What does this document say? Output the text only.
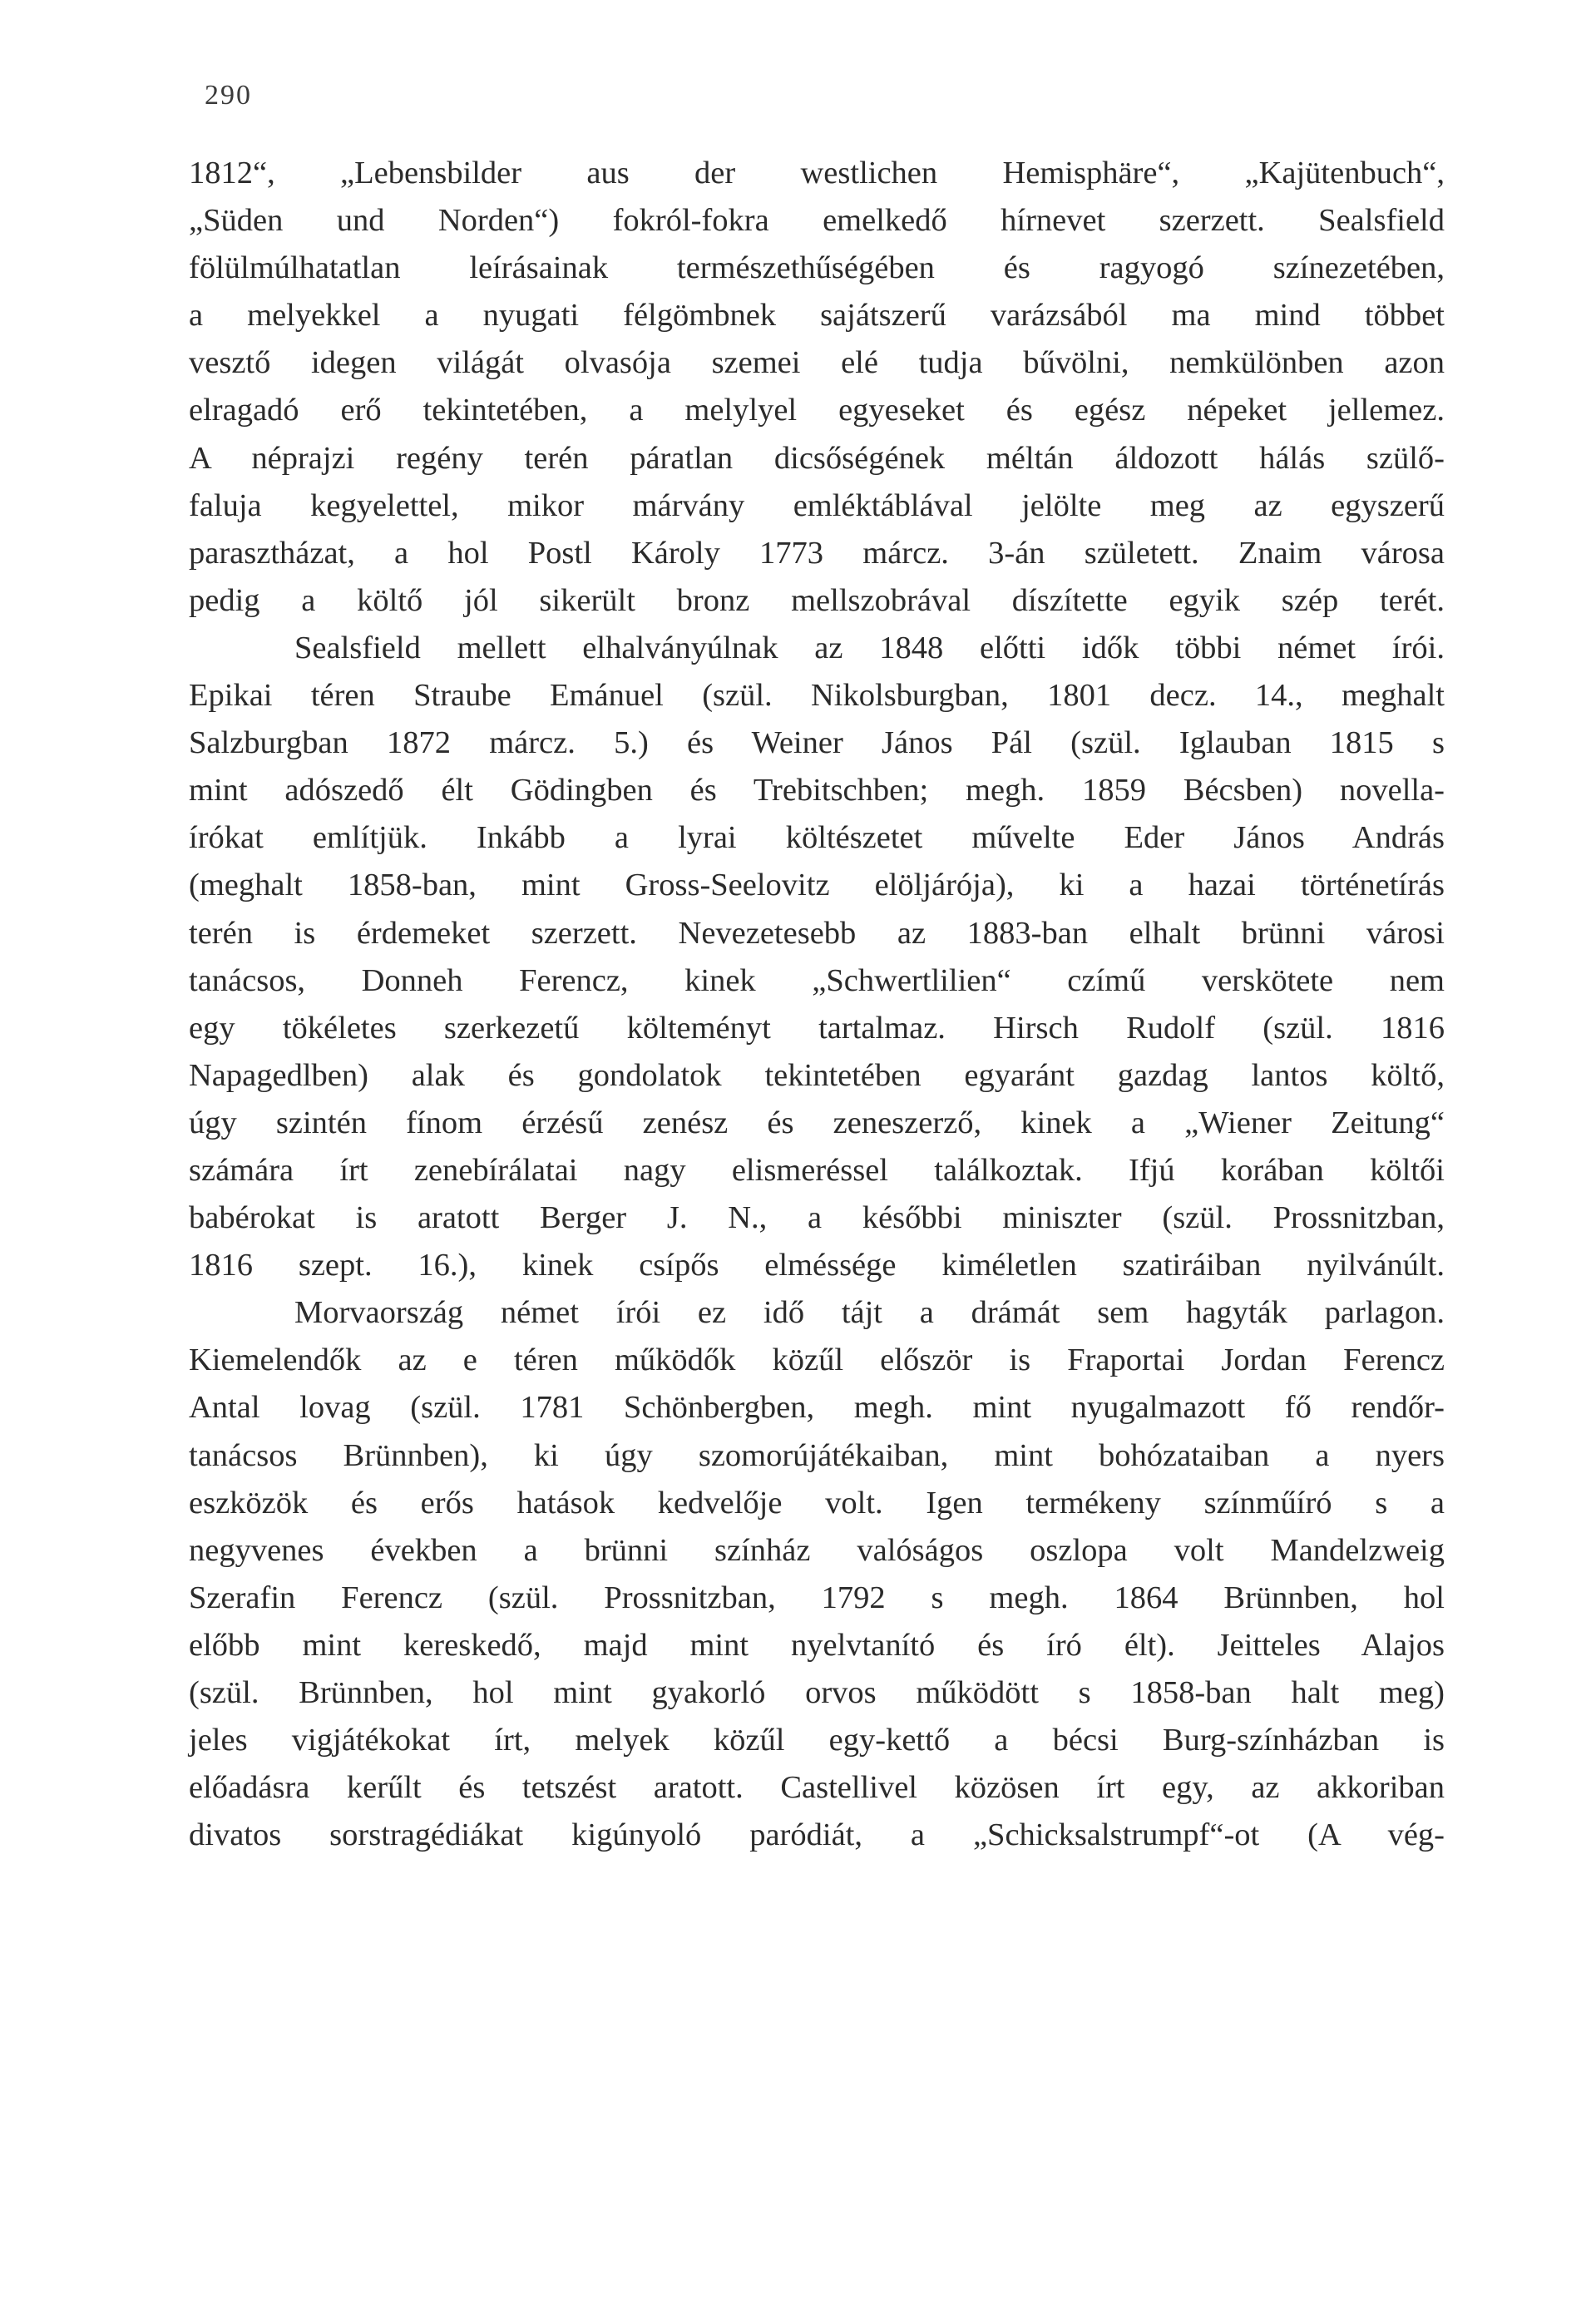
290
1812“, „Lebensbilder aus der westlichen Hemisphäre“, „Kajütenbuch“,
„Süden und Norden“) fokról-fokra emelkedő hírnevet szerzett. Sealsfield
fölülmúlhatatlan leírásainak természethűségében és ragyogó színezetében,
a melyekkel a nyugati félgömbnek sajátszerű varázsából ma mind többet
vesztő idegen világát olvasója szemei elé tudja bűvölni, nemkülönben azon
elragadó erő tekintetében, a melylyel egyeseket és egész népeket jellemez.
A néprajzi regény terén páratlan dicsőségének méltán áldozott hálás szülő-
faluja kegyelettel, mikor márvány emléktáblával jelölte meg az egyszerű
parasztházat, a hol Postl Károly 1773 márcz. 3-án született. Znaim városa
pedig a költő jól sikerült bronz mellszobrával díszítette egyik szép terét.
Sealsfield mellett elhalványúlnak az 1848 előtti idők többi német írói.
Epikai téren Straube Emánuel (szül. Nikolsburgban, 1801 decz. 14., meghalt
Salzburgban 1872 márcz. 5.) és Weiner János Pál (szül. Iglauban 1815 s
mint adószedő élt Gödingben és Trebitschben; megh. 1859 Bécsben) novella-
írókat említjük. Inkább a lyrai költészetet művelte Eder János András
(meghalt 1858-ban, mint Gross-Seelovitz elöljárója), ki a hazai történetírás
terén is érdemeket szerzett. Nevezetesebb az 1883-ban elhalt brünni városi
tanácsos, Donneh Ferencz, kinek „Schwertlilien“ czímű verskötete nem
egy tökéletes szerkezetű költeményt tartalmaz. Hirsch Rudolf (szül. 1816
Napagedlben) alak és gondolatok tekintetében egyaránt gazdag lantos költő,
úgy szintén fínom érzésű zenész és zeneszerző, kinek a „Wiener Zeitung“
számára írt zenebírálatai nagy elismeréssel találkoztak. Ifjú korában költői
babérokat is aratott Berger J. N., a későbbi miniszter (szül. Prossnitzban,
1816 szept. 16.), kinek csípős elméssége kiméletlen szatiráiban nyilvánúlt.
Morvaország német írói ez idő tájt a drámát sem hagyták parlagon.
Kiemelendők az e téren működők közűl először is Fraportai Jordan Ferencz
Antal lovag (szül. 1781 Schönbergben, megh. mint nyugalmazott fő rendőr-
tanácsos Brünnben), ki úgy szomorújátékaiban, mint bohózataiban a nyers
eszközök és erős hatások kedvelője volt. Igen termékeny színműíró s a
negyvenes években a brünni színház valóságos oszlopa volt Mandelzweig
Szerafin Ferencz (szül. Prossnitzban, 1792 s megh. 1864 Brünnben, hol
előbb mint kereskedő, majd mint nyelvtanító és író élt). Jeitteles Alajos
(szül. Brünnben, hol mint gyakorló orvos működött s 1858-ban halt meg)
jeles vigjátékokat írt, melyek közűl egy-kettő a bécsi Burg-színházban is
előadásra kerűlt és tetszést aratott. Castellivel közösen írt egy, az akkoriban
divatos sorstragédiákat kigúnyoló paródiát, a „Schicksalstrumpf“-ot (A vég-
